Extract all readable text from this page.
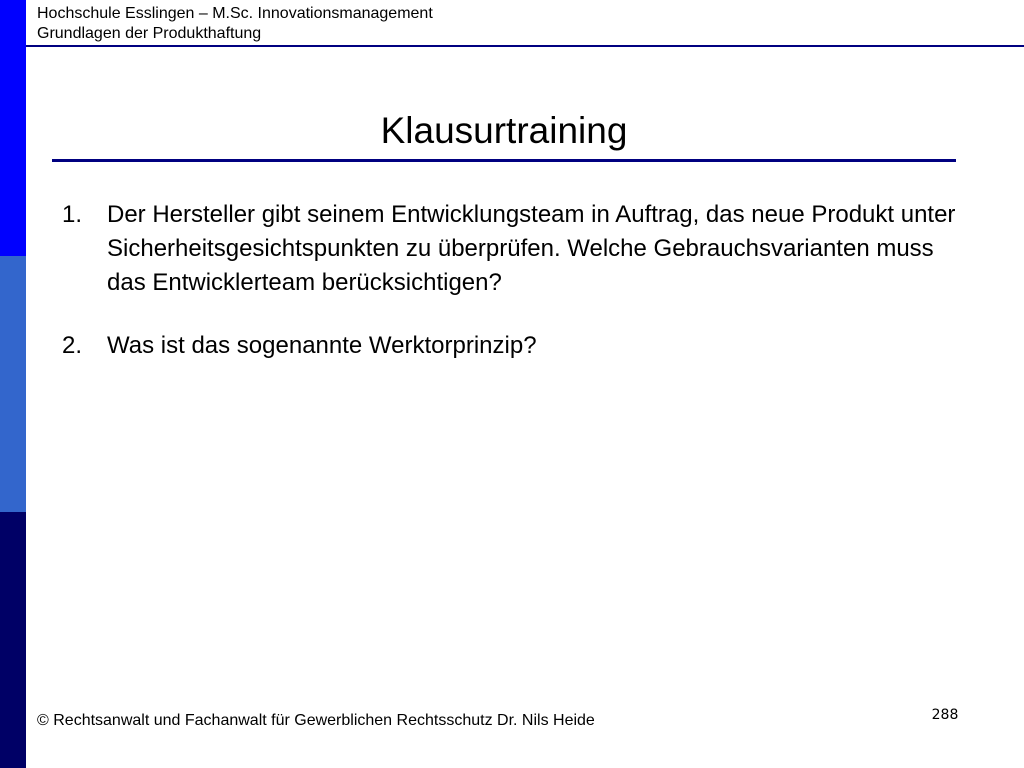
Hochschule Esslingen – M.Sc. Innovationsmanagement
Grundlagen der Produkthaftung
Klausurtraining
1.	Der Hersteller gibt seinem Entwicklungsteam in Auftrag, das neue Produkt unter Sicherheitsgesichtspunkten zu überprüfen. Welche Gebrauchsvarianten muss das Entwicklerteam berücksichtigen?
2.	Was ist das sogenannte Werktorprinzip?
© Rechtsanwalt und Fachanwalt für Gewerblichen Rechtsschutz Dr. Nils Heide	288
